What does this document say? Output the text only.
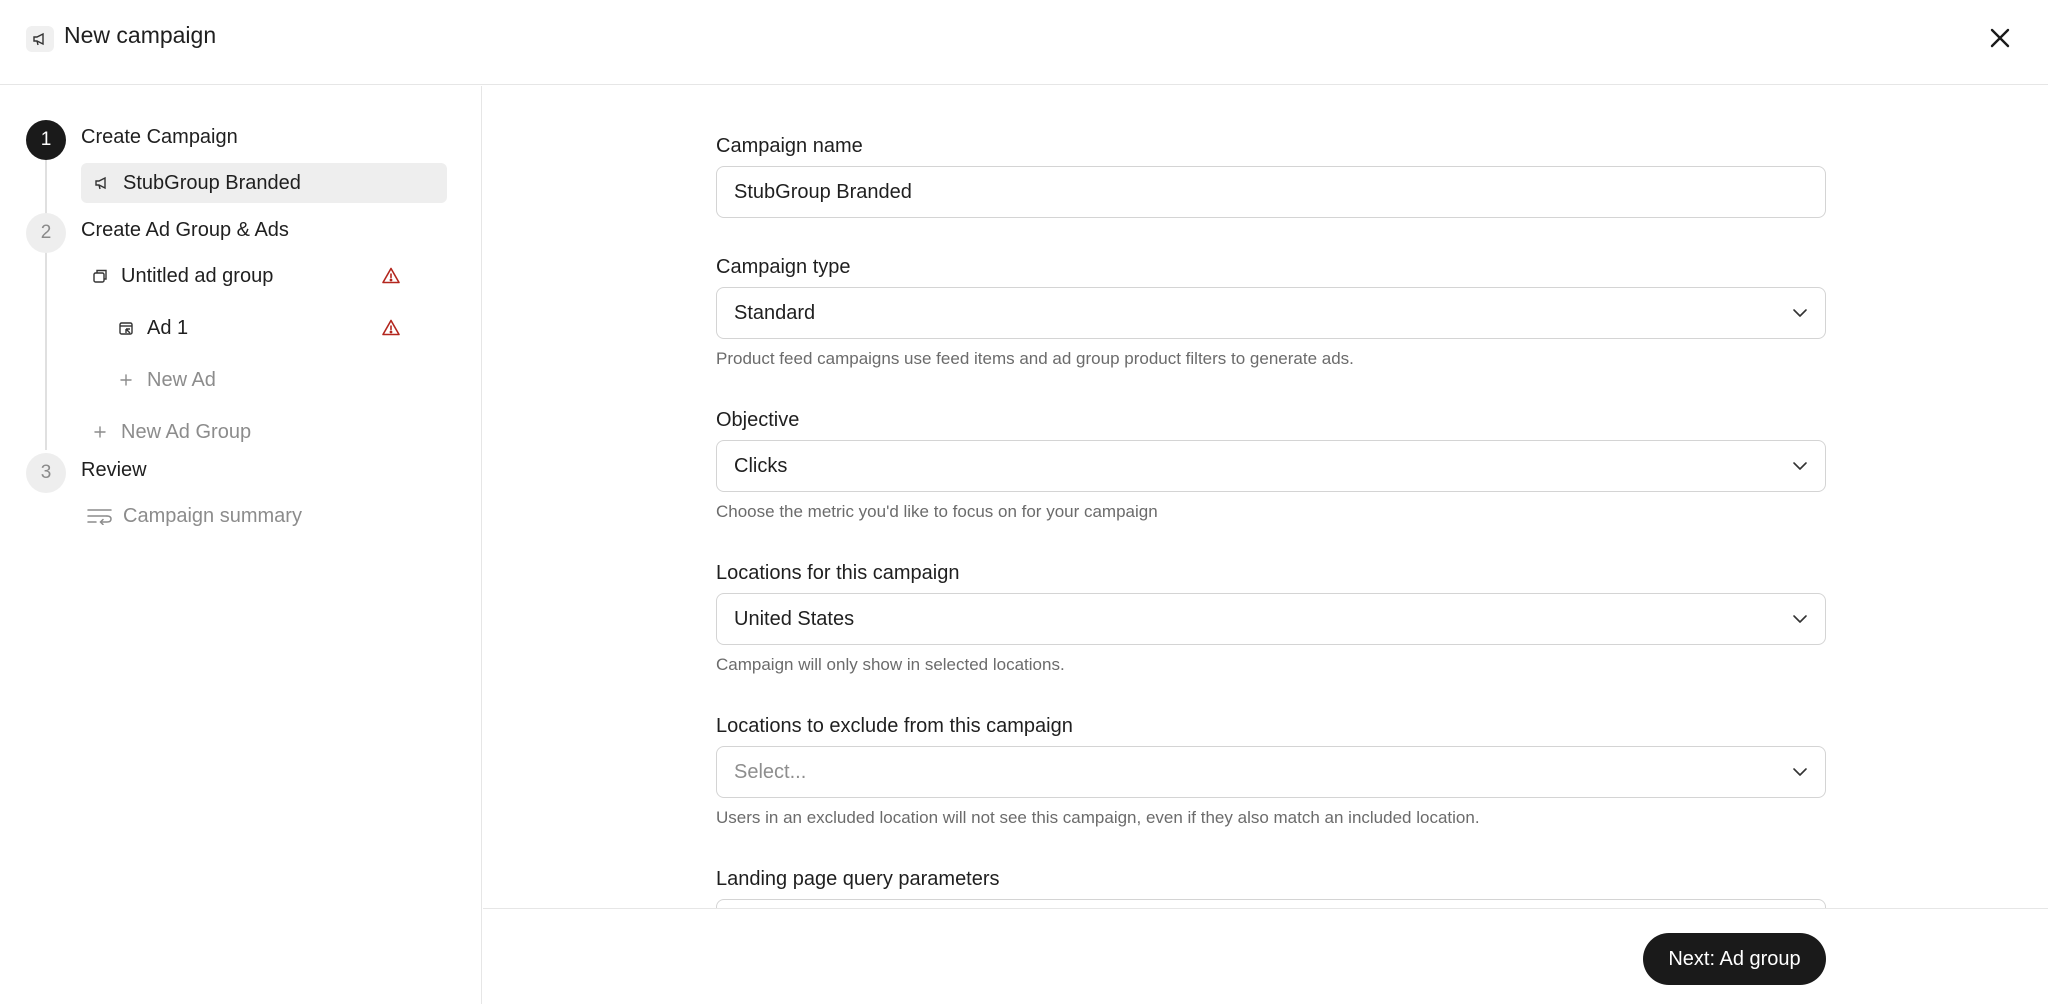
New campaign
1	Create Campaign
StubGroup Branded
2	Create Ad Group & Ads
Untitled ad group
Ad 1
New Ad
New Ad Group
3	Review
Campaign summary
Campaign name
StubGroup Branded
Campaign type
Standard
Product feed campaigns use feed items and ad group product filters to generate ads.
Objective
Clicks
Choose the metric you'd like to focus on for your campaign
Locations for this campaign
United States
Campaign will only show in selected locations.
Locations to exclude from this campaign
Select...
Users in an excluded location will not see this campaign, even if they also match an included location.
Landing page query parameters
Next: Ad group
